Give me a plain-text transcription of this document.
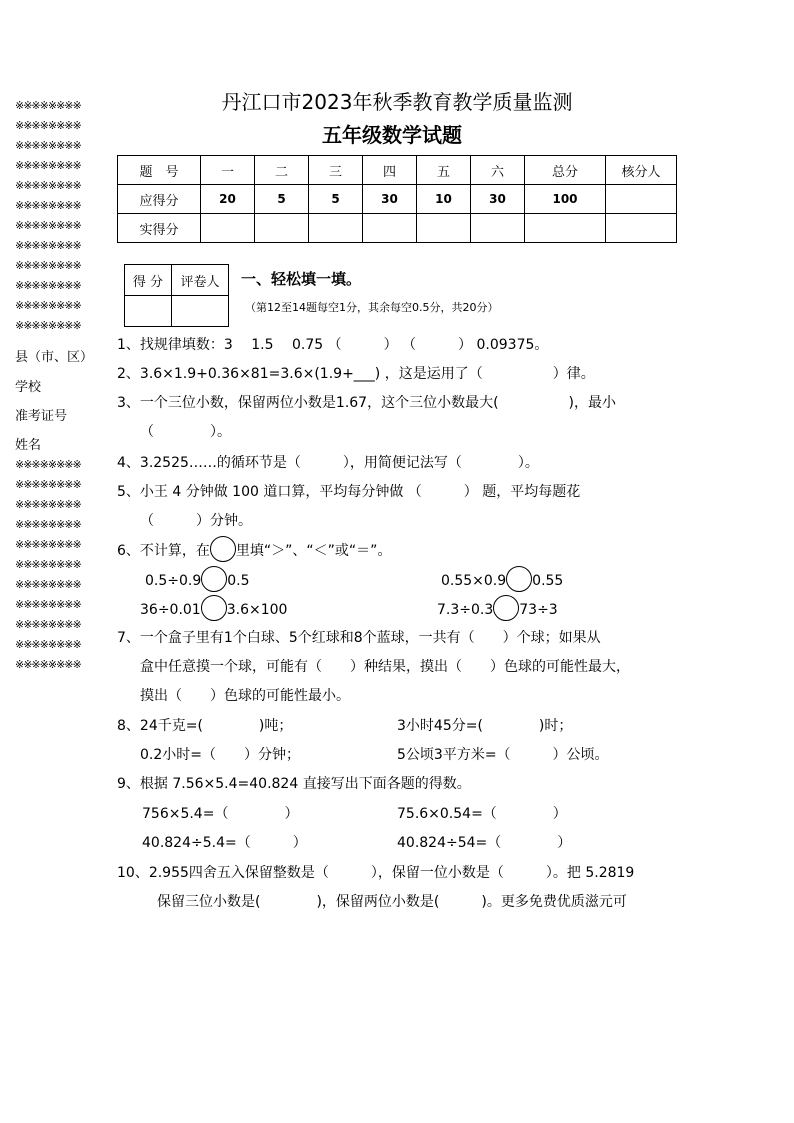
※※※※※※※※
※※※※※※※※
※※※※※※※※
※※※※※※※※
※※※※※※※※
※※※※※※※※
※※※※※※※※
※※※※※※※※
※※※※※※※※
※※※※※※※※
※※※※※※※※
※※※※※※※※
县（市、区）
学校
准考证号
姓名
※※※※※※※※
※※※※※※※※
※※※※※※※※
※※※※※※※※
※※※※※※※※
※※※※※※※※
※※※※※※※※
※※※※※※※※
※※※※※※※※
※※※※※※※※
※※※※※※※※
丹江口市2023年秋季教育教学质量监测
五年级数学试题
题　号	一	二	三	四	五	六	总分	核分人
应得分	20	5	5	30	10	30	100	
实得分								
得 分	评卷人
	一、轻松填一填。
（第12至14题每空1分，其余每空0.5分，共20分）
1、找规律填数：3　 1.5　 0.75 （　　　） （　　　） 0.09375。
2、3.6×1.9+0.36×81=3.6×(1.9+___) ，这是运用了（　　　　　）律。
3、一个三位小数，保留两位小数是1.67，这个三位小数最大(　　　　　)，最小
（　　　　）。
4、3.2525……的循环节是（　　　），用简便记法写（　　　　）。
5、小王 4 分钟做 100 道口算，平均每分钟做 （　　　） 题，平均每题花
（　　　）分钟。
6、不计算，在 里填“＞”、“＜”或“＝”。
0.5÷0.9 0.5	0.55×0.9 0.55
36÷0.01 3.6×100	7.3÷0.3 73÷3
7、一个盒子里有1个白球、5个红球和8个蓝球，一共有（　　）个球；如果从
盒中任意摸一个球，可能有（　　）种结果，摸出（　　）色球的可能性最大，
摸出（　　）色球的可能性最小。
8、24千克=(　　　　)吨；	3小时45分=(　　　　)时；
0.2小时=（　　）分钟；	5公顷3平方米=（　　　）公顷。
9、根据 7.56×5.4=40.824 直接写出下面各题的得数。
756×5.4=（　　　　）	75.6×0.54=（　　　　）
40.824÷5.4=（　　　）	40.824÷54=（　　　　）
10、2.955四舍五入保留整数是（　　　），保留一位小数是（　　　）。把 5.2819
保留三位小数是(　　　　)，保留两位小数是(　　　)。更多免费优质滋元可
